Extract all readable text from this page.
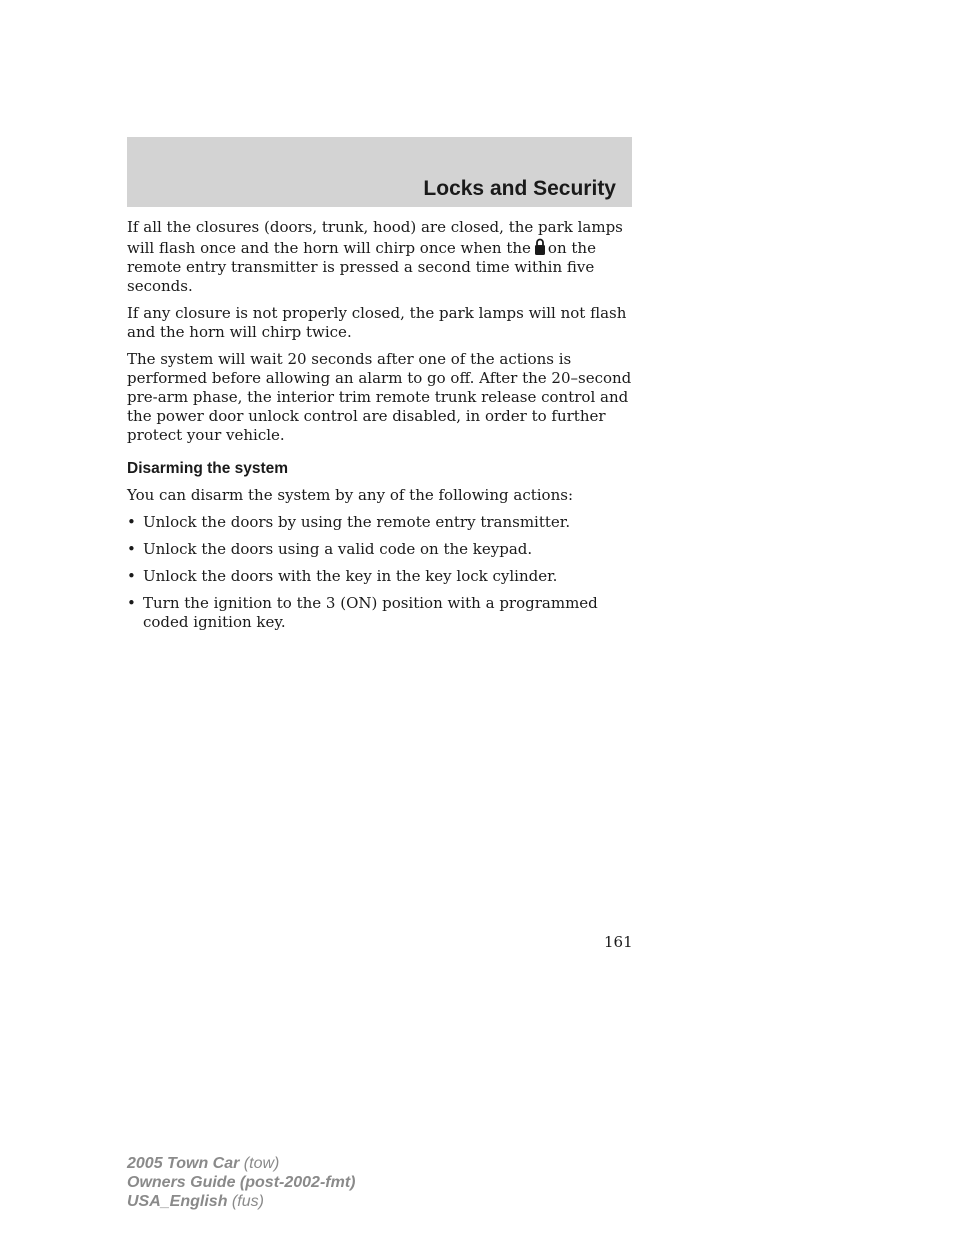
Locks and Security

If all the closures (doors, trunk, hood) are closed, the park lamps will flash once and the horn will chirp once when the on the remote entry transmitter is pressed a second time within five seconds.

If any closure is not properly closed, the park lamps will not flash and the horn will chirp twice.

The system will wait 20 seconds after one of the actions is performed before allowing an alarm to go off. After the 20–second pre-arm phase, the interior trim remote trunk release control and the power door unlock control are disabled, in order to further protect your vehicle.

Disarming the system

You can disarm the system by any of the following actions:

• Unlock the doors by using the remote entry transmitter.
• Unlock the doors using a valid code on the keypad.
• Unlock the doors with the key in the key lock cylinder.
• Turn the ignition to the 3 (ON) position with a programmed coded ignition key.
161
2005 Town Car (tow)
Owners Guide (post-2002-fmt)
USA_English (fus)
